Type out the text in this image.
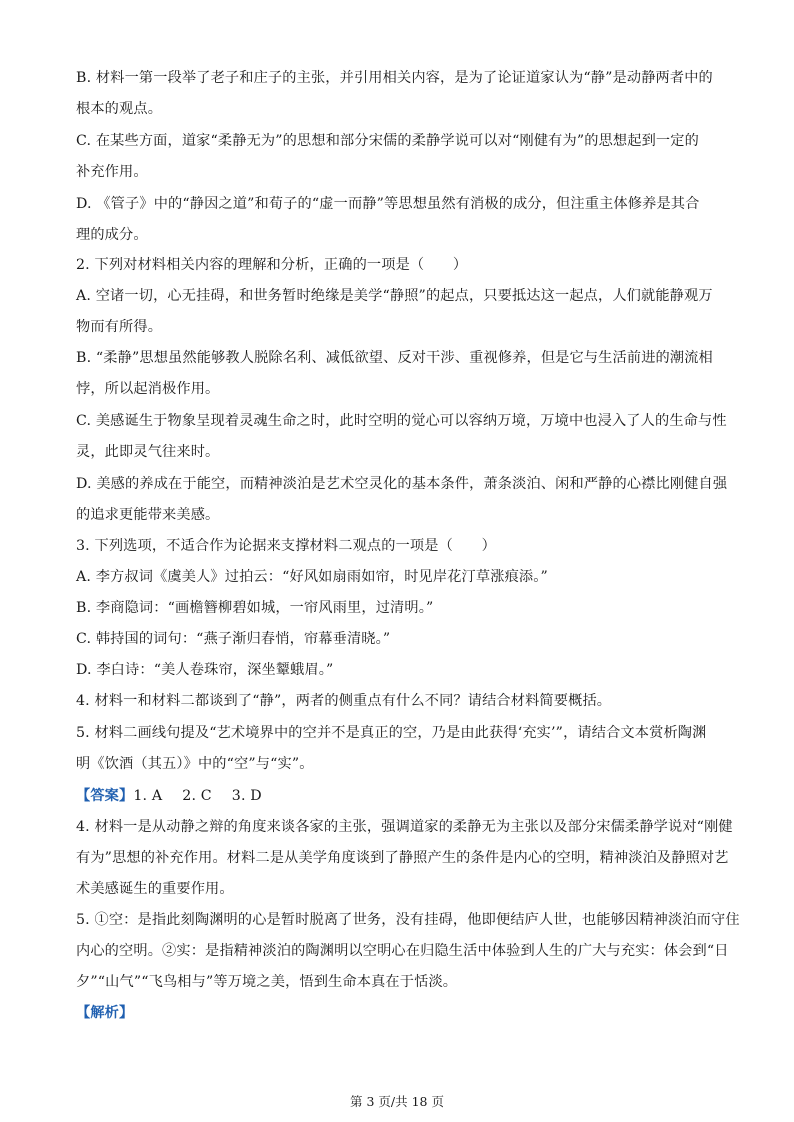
B. 材料一第一段举了老子和庄子的主张，并引用相关内容，是为了论证道家认为“静”是动静两者中的
根本的观点。
C. 在某些方面，道家“柔静无为”的思想和部分宋儒的柔静学说可以对“刚健有为”的思想起到一定的
补充作用。
D. 《管子》中的“静因之道”和荀子的“虚一而静”等思想虽然有消极的成分，但注重主体修养是其合
理的成分。
2. 下列对材料相关内容的理解和分析，正确的一项是（　　）
A. 空诸一切，心无挂碍，和世务暂时绝缘是美学“静照”的起点，只要抵达这一起点，人们就能静观万
物而有所得。
B. “柔静”思想虽然能够教人脱除名利、减低欲望、反对干涉、重视修养，但是它与生活前进的潮流相
悖，所以起消极作用。
C. 美感诞生于物象呈现着灵魂生命之时，此时空明的觉心可以容纳万境，万境中也浸入了人的生命与性
灵，此即灵气往来时。
D. 美感的养成在于能空，而精神淡泊是艺术空灵化的基本条件，萧条淡泊、闲和严静的心襟比刚健自强
的追求更能带来美感。
3. 下列选项，不适合作为论据来支撑材料二观点的一项是（　　）
A. 李方叔词《虞美人》过拍云：“好风如扇雨如帘，时见岸花汀草涨痕添。”
B. 李商隐词：“画檐簪柳碧如城，一帘风雨里，过清明。”
C. 韩持国的词句：“燕子渐归春悄，帘幕垂清晓。”
D. 李白诗：“美人卷珠帘，深坐颦蛾眉。”
4. 材料一和材料二都谈到了“静”，两者的侧重点有什么不同？请结合材料简要概括。
5. 材料二画线句提及“艺术境界中的空并不是真正的空，乃是由此获得‘充实’”，请结合文本赏析陶渊
明《饮酒（其五）》中的“空”与“实”。
【答案】1. A 2. C 3. D
4. 材料一是从动静之辩的角度来谈各家的主张，强调道家的柔静无为主张以及部分宋儒柔静学说对“刚健
有为”思想的补充作用。材料二是从美学角度谈到了静照产生的条件是内心的空明，精神淡泊及静照对艺
术美感诞生的重要作用。
5. ①空：是指此刻陶渊明的心是暂时脱离了世务，没有挂碍，他即便结庐人世，也能够因精神淡泊而守住
内心的空明。②实：是指精神淡泊的陶渊明以空明心在归隐生活中体验到人生的广大与充实：体会到“日
夕”“山气”“飞鸟相与”等万境之美，悟到生命本真在于恬淡。
【解析】
第 3 页/共 18 页
